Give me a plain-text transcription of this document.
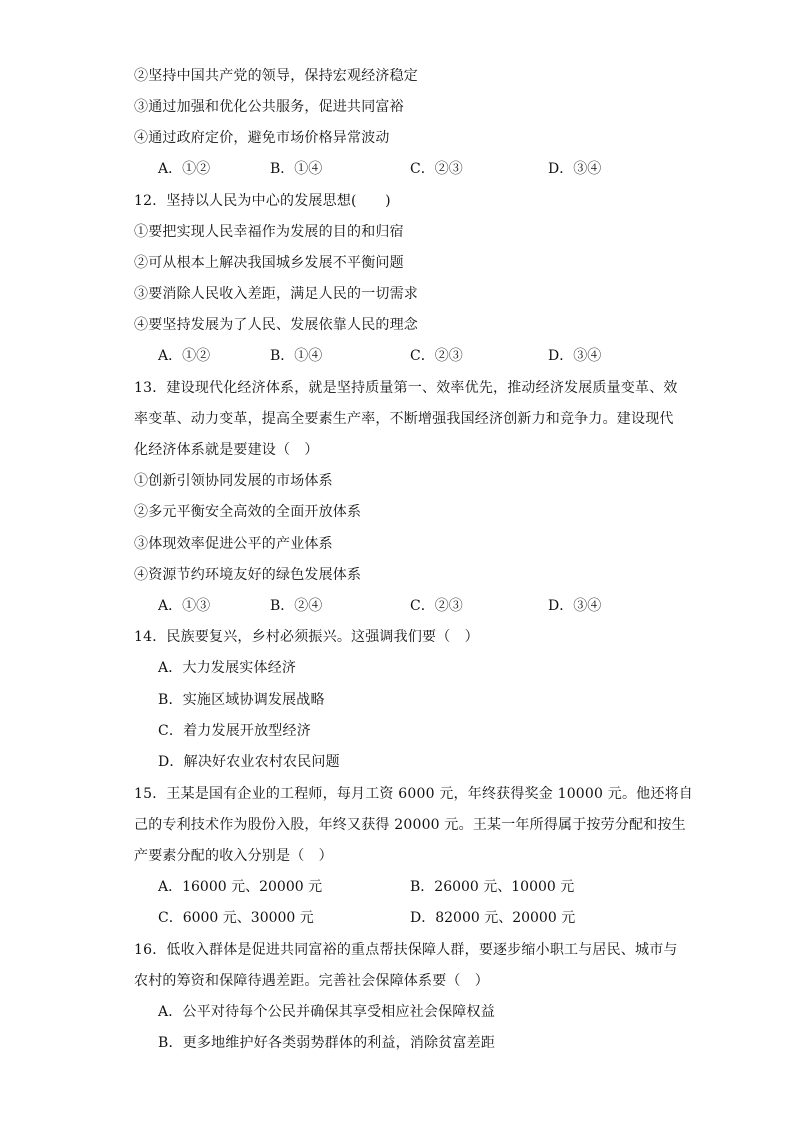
②坚持中国共产党的领导，保持宏观经济稳定
③通过加强和优化公共服务，促进共同富裕
④通过政府定价，避免市场价格异常波动
A．①②	B．①④	C．②③	D．③④
12．坚持以人民为中心的发展思想(　　)
①要把实现人民幸福作为发展的目的和归宿
②可从根本上解决我国城乡发展不平衡问题
③要消除人民收入差距，满足人民的一切需求
④要坚持发展为了人民、发展依靠人民的理念
A．①②	B．①④	C．②③	D．③④
13．建设现代化经济体系，就是坚持质量第一、效率优先，推动经济发展质量变革、效
率变革、动力变革，提高全要素生产率，不断增强我国经济创新力和竞争力。建设现代
化经济体系就是要建设（　）
①创新引领协同发展的市场体系
②多元平衡安全高效的全面开放体系
③体现效率促进公平的产业体系
④资源节约环境友好的绿色发展体系
A．①③	B．②④	C．②③	D．③④
14．民族要复兴，乡村必须振兴。这强调我们要（　）
A．大力发展实体经济
B．实施区域协调发展战略
C．着力发展开放型经济
D．解决好农业农村农民问题
15．王某是国有企业的工程师，每月工资 6000 元，年终获得奖金 10000 元。他还将自
己的专利技术作为股份入股，年终又获得 20000 元。王某一年所得属于按劳分配和按生
产要素分配的收入分别是（　）
A．16000 元、20000 元	B．26000 元、10000 元
C．6000 元、30000 元	D．82000 元、20000 元
16．低收入群体是促进共同富裕的重点帮扶保障人群，要逐步缩小职工与居民、城市与
农村的筹资和保障待遇差距。完善社会保障体系要（　）
A．公平对待每个公民并确保其享受相应社会保障权益
B．更多地维护好各类弱势群体的利益，消除贫富差距
